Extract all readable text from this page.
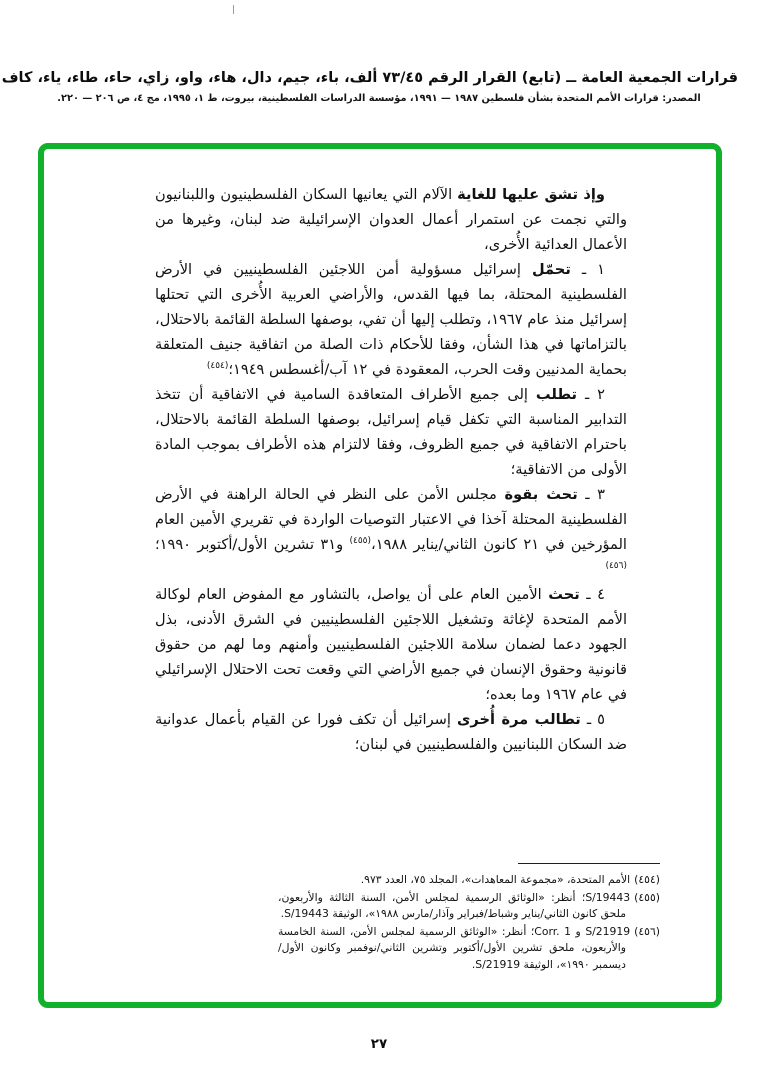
قرارات الجمعية العامة ــ (تابع) القرار الرقم ٧٣/٤٥ ألف، باء، جيم، دال، هاء، واو، زاي، حاء، طاء، ياء، كاف
المصدر: قرارات الأمم المتحدة بشأن فلسطين ١٩٨٧ — ١٩٩١، مؤسسة الدراسات الفلسطينية، بيروت، ط ١، ١٩٩٥، مج ٤، ص ٢٠٦ — ٢٢٠.

وإذ تشق عليها للغاية الآلام التي يعانيها السكان الفلسطينيون واللبنانيون والتي نجمت عن استمرار أعمال العدوان الإسرائيلية ضد لبنان، وغيرها من الأعمال العدائية الأُخرى،

١ ـ تحمّل إسرائيل مسؤولية أمن اللاجئين الفلسطينيين في الأرض الفلسطينية المحتلة، بما فيها القدس، والأراضي العربية الأُخرى التي تحتلها إسرائيل منذ عام ١٩٦٧، وتطلب إليها أن تفي، بوصفها السلطة القائمة بالاحتلال، بالتزاماتها في هذا الشأن، وفقا للأحكام ذات الصلة من اتفاقية جنيف المتعلقة بحماية المدنيين وقت الحرب، المعقودة في ١٢ آب/أغسطس ١٩٤٩؛$^{(٤٥٤)}$

٢ ـ تطلب إلى جميع الأطراف المتعاقدة السامية في الاتفاقية أن تتخذ التدابير المناسبة التي تكفل قيام إسرائيل، بوصفها السلطة القائمة بالاحتلال، باحترام الاتفاقية في جميع الظروف، وفقا لالتزام هذه الأطراف بموجب المادة الأولى من الاتفاقية؛

٣ ـ تحث بقوة مجلس الأمن على النظر في الحالة الراهنة في الأرض الفلسطينية المحتلة آخذا في الاعتبار التوصيات الواردة في تقريري الأمين العام المؤرخين في ٢١ كانون الثاني/يناير ١٩٨٨،$^{(٤٥٥)}$ و٣١ تشرين الأول/أكتوبر ١٩٩٠؛$^{(٤٥٦)}$

٤ ـ تحث الأمين العام على أن يواصل، بالتشاور مع المفوض العام لوكالة الأمم المتحدة لإغاثة وتشغيل اللاجئين الفلسطينيين في الشرق الأدنى، بذل الجهود دعما لضمان سلامة اللاجئين الفلسطينيين وأمنهم وما لهم من حقوق قانونية وحقوق الإنسان في جميع الأراضي التي وقعت تحت الاحتلال الإسرائيلي في عام ١٩٦٧ وما بعده؛

٥ ـ تطالب مرة أُخرى إسرائيل أن تكف فورا عن القيام بأعمال عدوانية ضد السكان اللبنانيين والفلسطينيين في لبنان؛

(٤٥٤)الأمم المتحدة، «مجموعة المعاهدات»، المجلد ٧٥، العدد ٩٧٣.

(٤٥٥)S/19443؛ أنظر: «الوثائق الرسمية لمجلس الأمن، السنة الثالثة والأربعون، ملحق كانون الثاني/يناير وشباط/فبراير وآذار/مارس ١٩٨٨»، الوثيقة S/19443.

(٤٥٦)S/21919 و Corr. 1؛ أنظر: «الوثائق الرسمية لمجلس الأمن، السنة الخامسة والأربعون، ملحق تشرين الأول/أكتوبر وتشرين الثاني/نوفمبر وكانون الأول/ديسمبر ١٩٩٠»، الوثيقة S/21919.

٢٧
